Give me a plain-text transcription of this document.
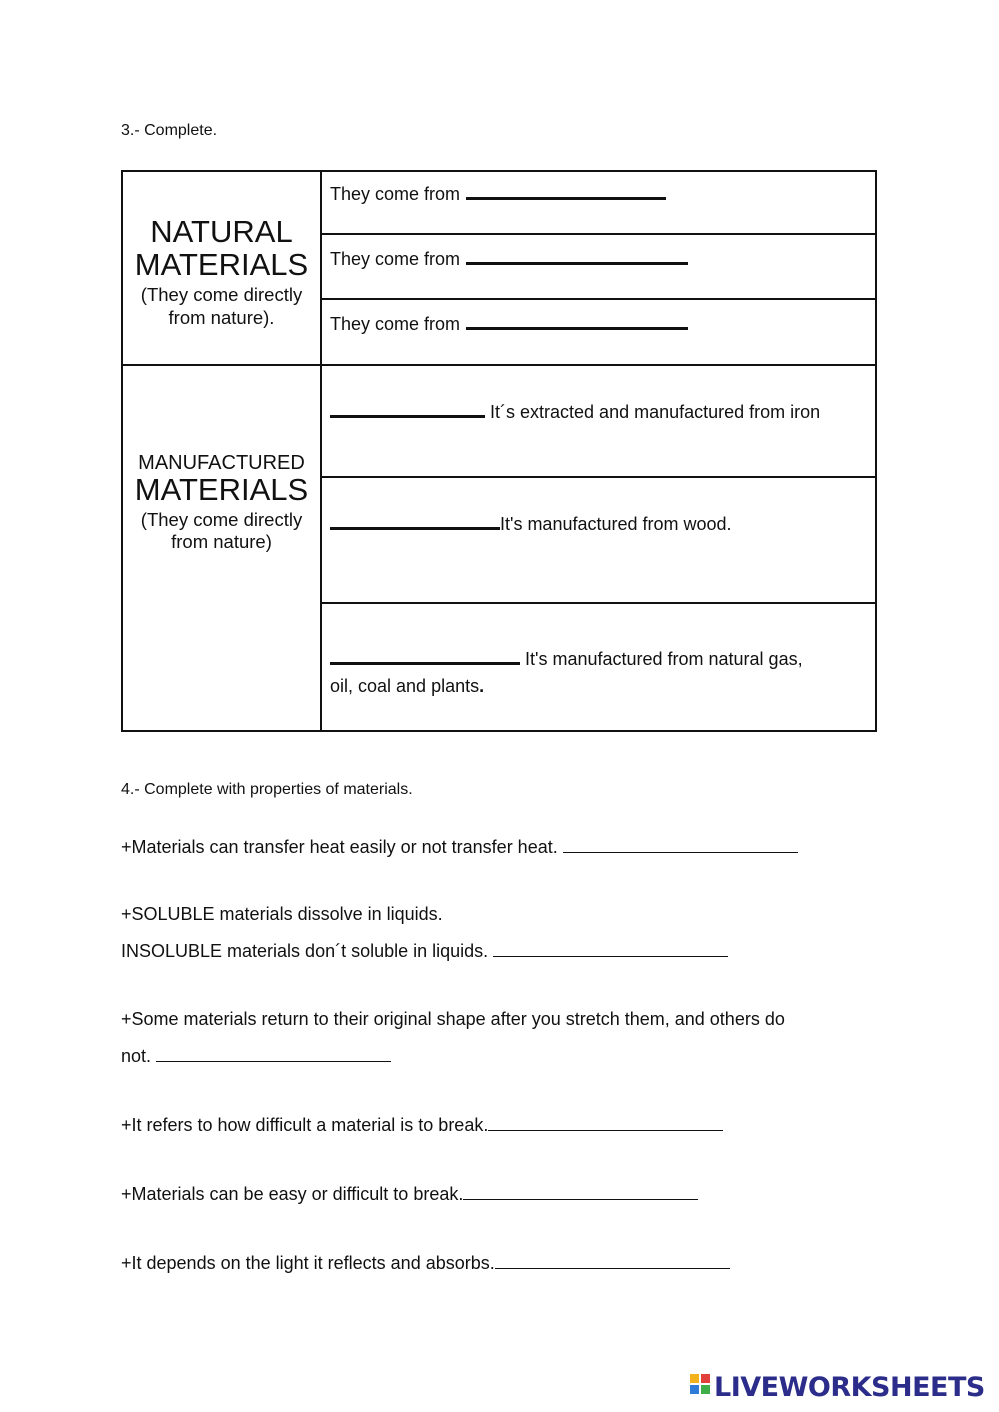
3.- Complete.
NATURAL
MATERIALS
(They come directly
from nature).
They come from
They come from
They come from
MANUFACTURED
MATERIALS
(They come directly
from nature)
It´s extracted and manufactured from iron
It's manufactured from wood.
It's manufactured from natural gas,
oil, coal and plants.
4.- Complete with properties of materials.
+Materials can transfer heat easily or not transfer heat.
+SOLUBLE materials dissolve in liquids.
INSOLUBLE materials don´t soluble in liquids.
+Some materials return to their original shape after you stretch them, and others do
not.
+It refers to how difficult a material is to break.
+Materials can be easy or difficult to break.
+It depends on the light it reflects and absorbs.
LIVEWORKSHEETS
